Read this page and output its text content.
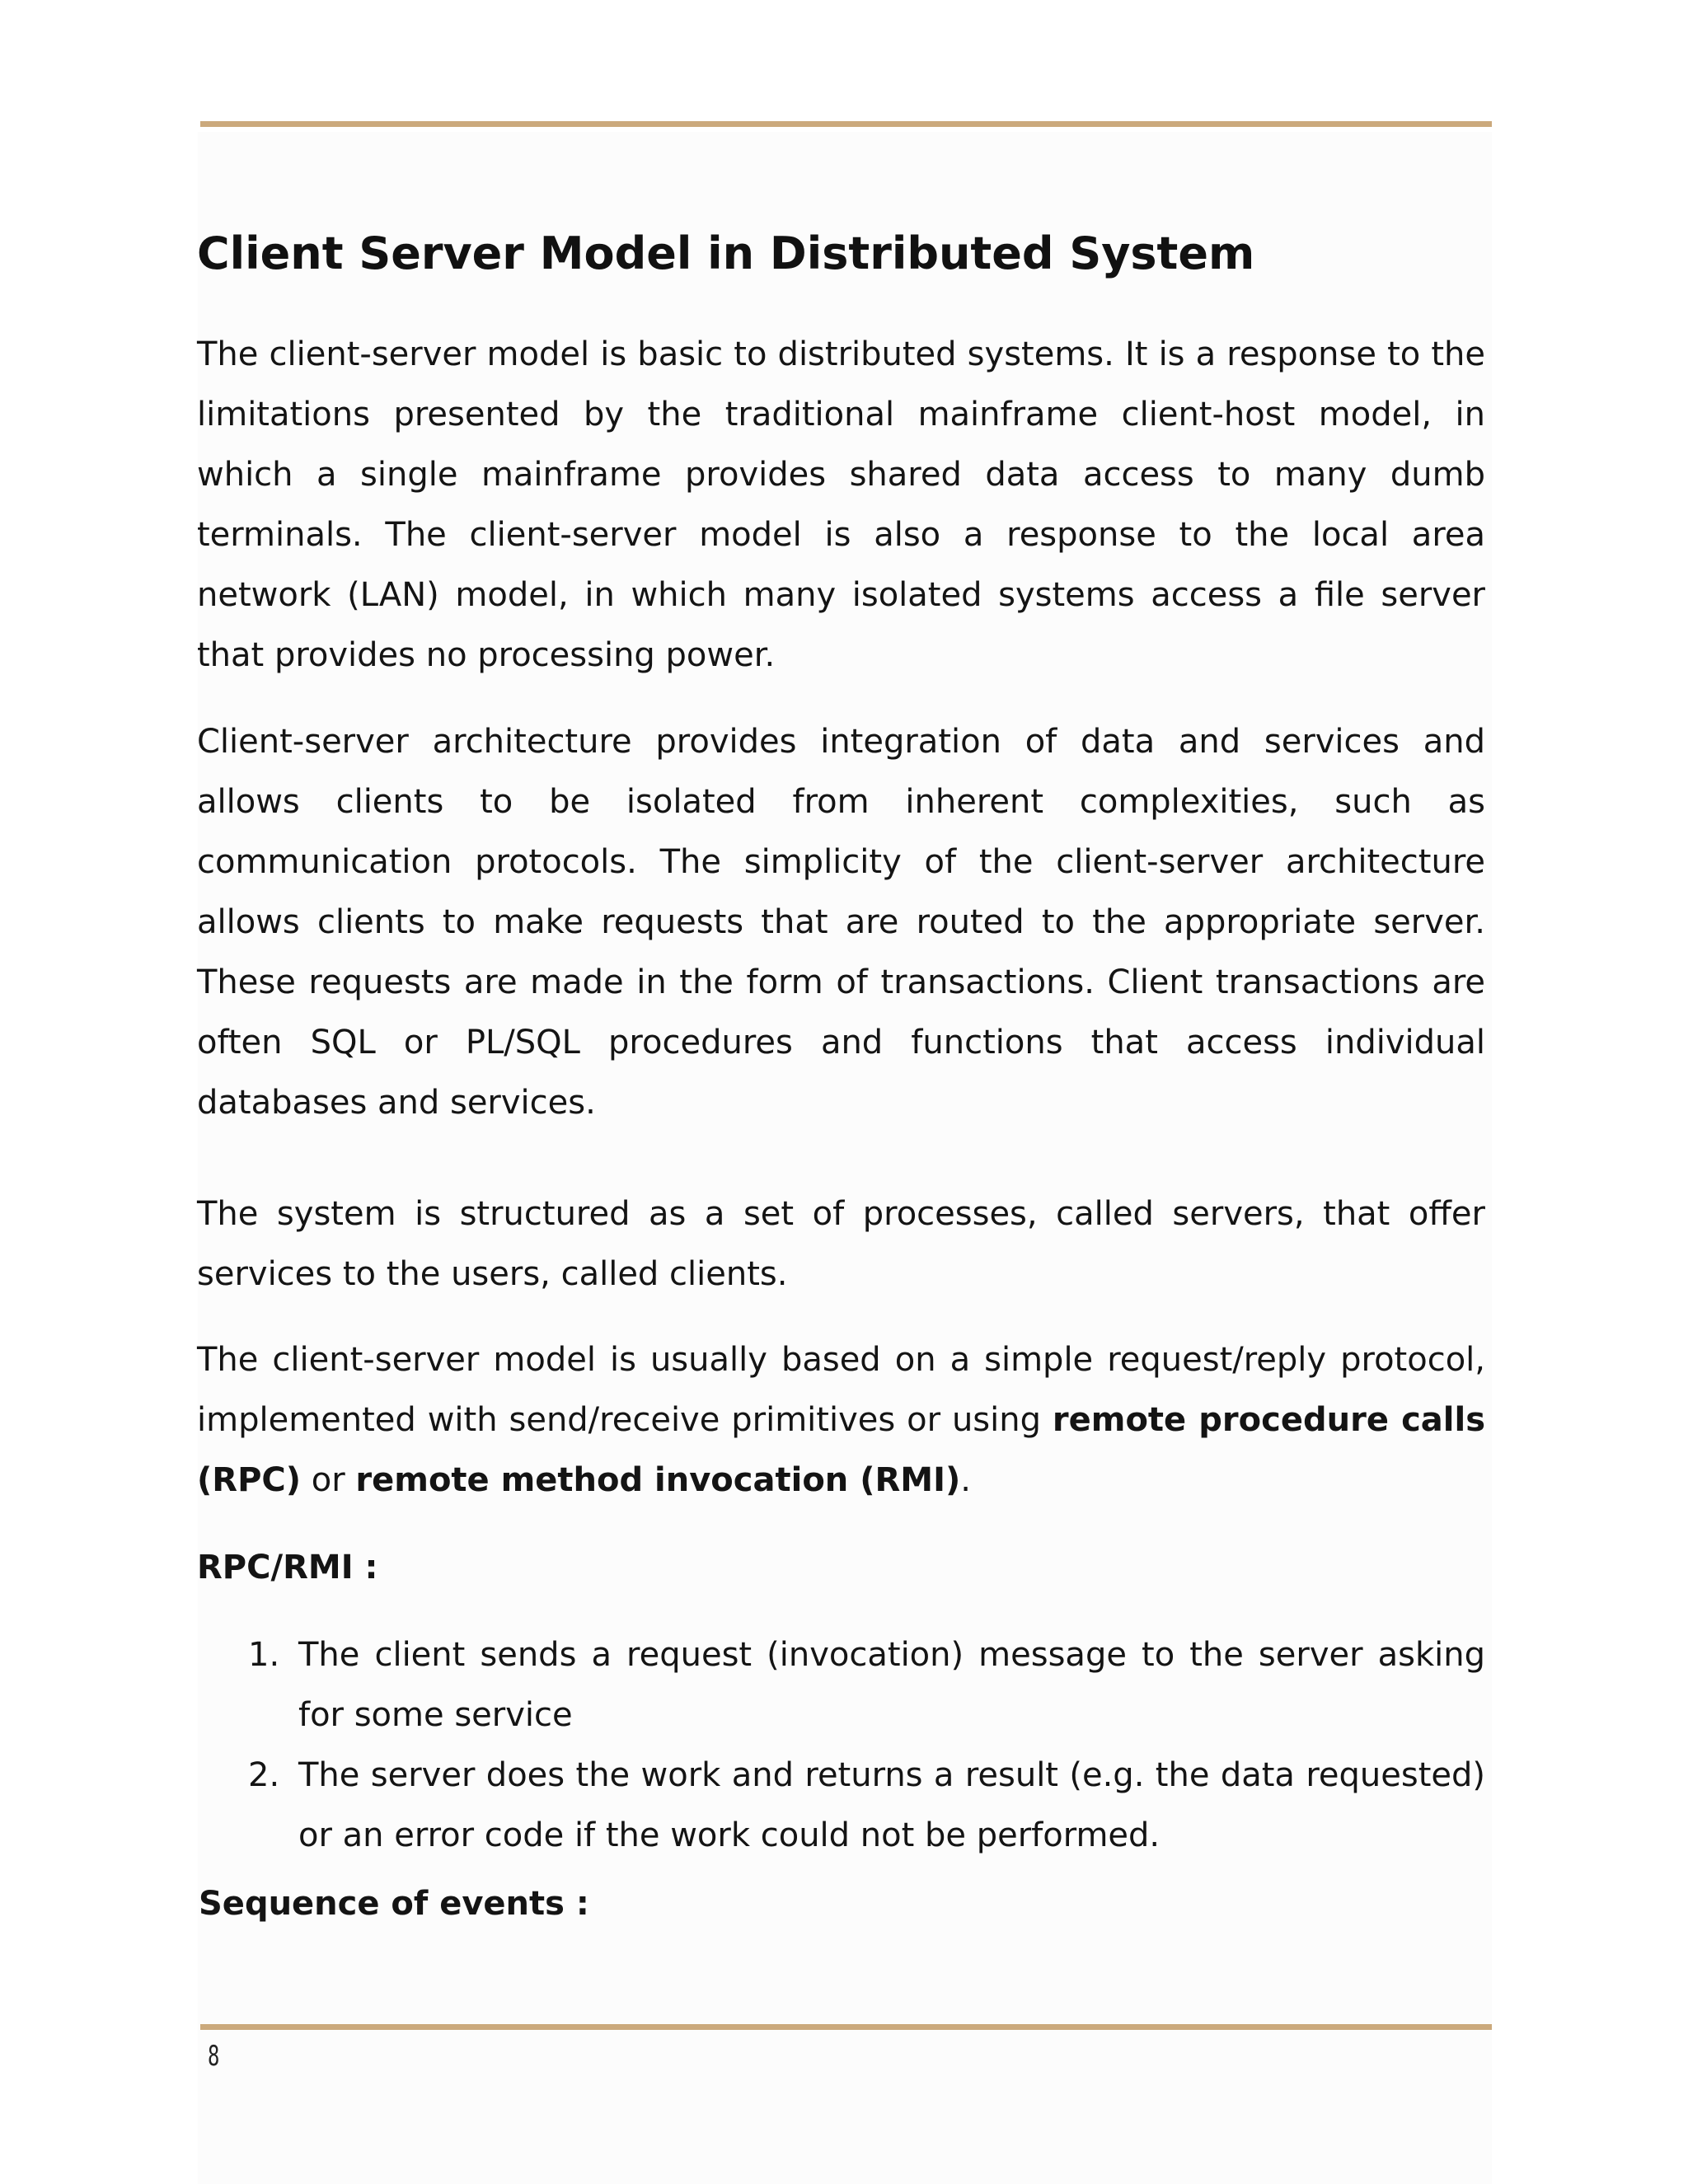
Client Server Model in Distributed System

The client-server model is basic to distributed systems. It is a response to the limitations presented by the traditional mainframe client-host model, in which a single mainframe provides shared data access to many dumb terminals. The client-server model is also a response to the local area network (LAN) model, in which many isolated systems access a file server that provides no processing power.

Client-server architecture provides integration of data and services and allows clients to be isolated from inherent complexities, such as communication protocols. The simplicity of the client-server architecture allows clients to make requests that are routed to the appropriate server. These requests are made in the form of transactions. Client transactions are often SQL or PL/SQL procedures and functions that access individual databases and services.

The system is structured as a set of processes, called servers, that offer services to the users, called clients.

The client-server model is usually based on a simple request/reply protocol, implemented with send/receive primitives or using remote procedure calls (RPC) or remote method invocation (RMI).

RPC/RMI :

1. The client sends a request (invocation) message to the server asking for some service
2. The server does the work and returns a result (e.g. the data requested) or an error code if the work could not be performed.

Sequence of events :

8
